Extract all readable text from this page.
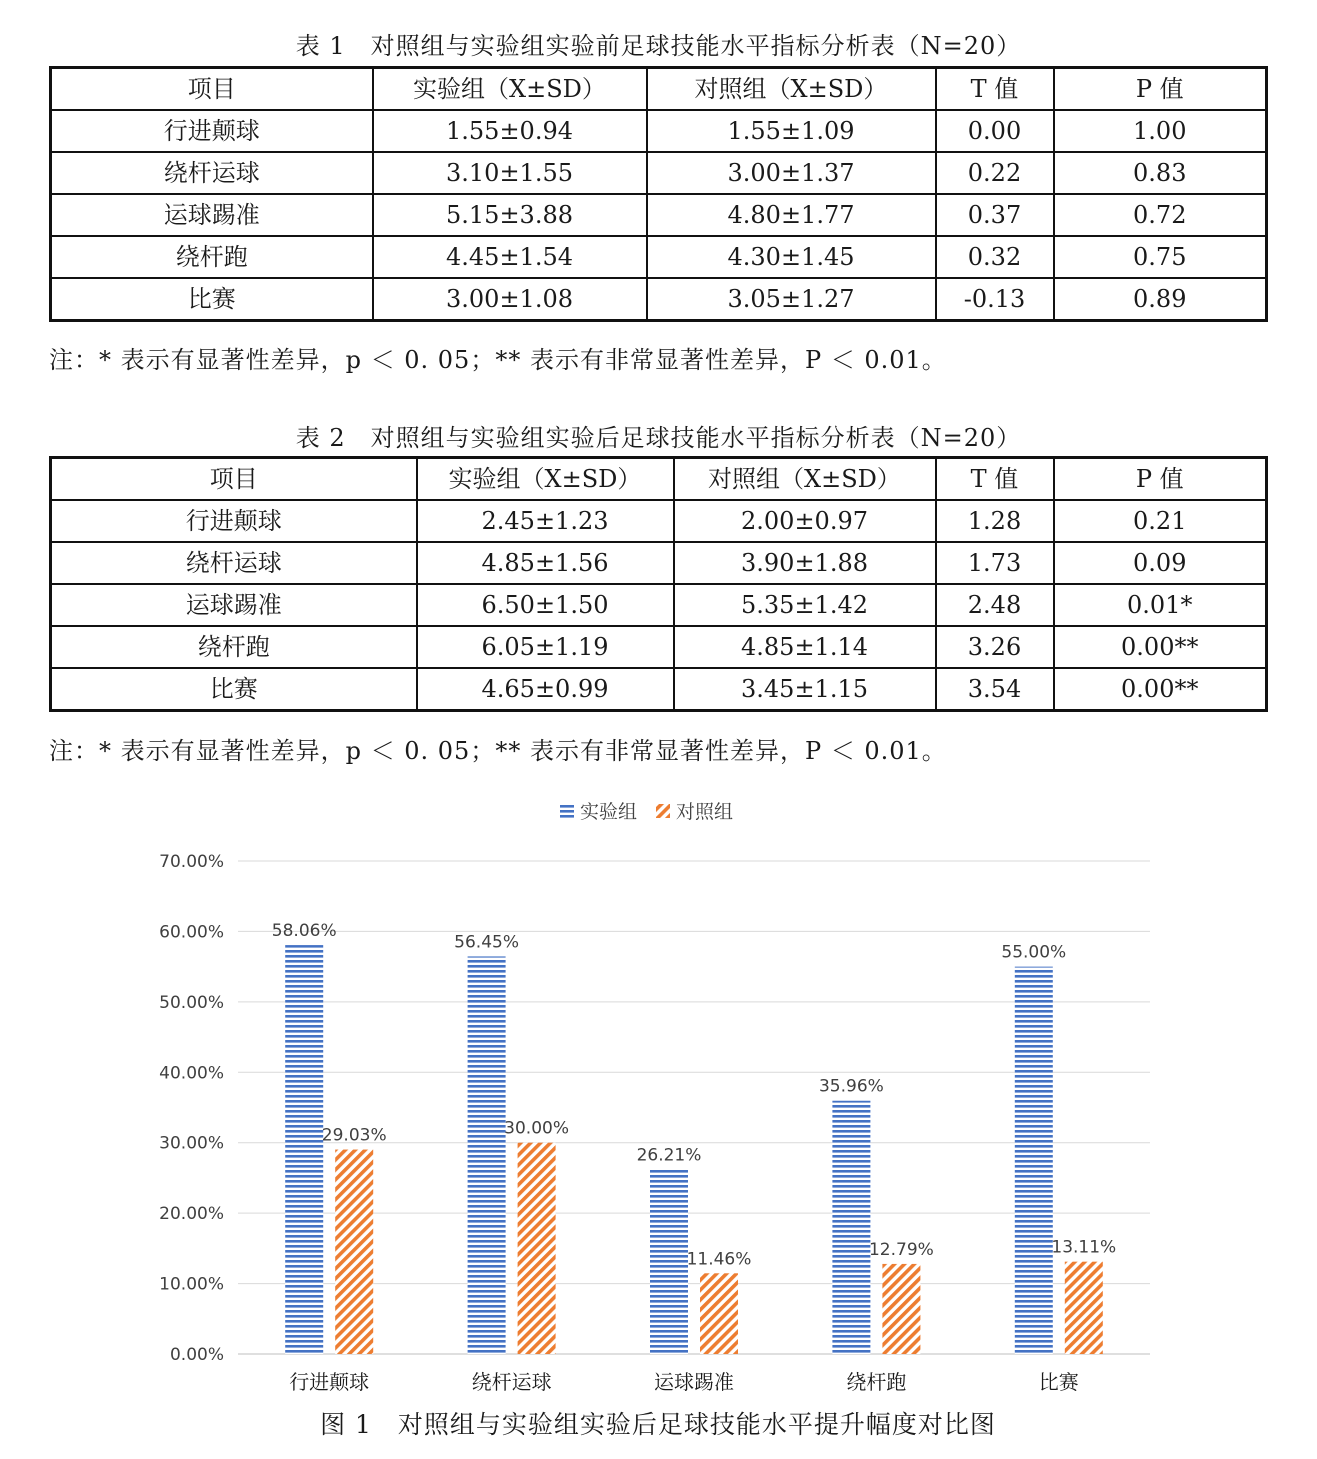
表 1　对照组与实验组实验前足球技能水平指标分析表（N=20）
项目	实验组（X±SD）	对照组（X±SD）	T 值	P 值
行进颠球	1.55±0.94	1.55±1.09	0.00	1.00
绕杆运球	3.10±1.55	3.00±1.37	0.22	0.83
运球踢准	5.15±3.88	4.80±1.77	0.37	0.72
绕杆跑	4.45±1.54	4.30±1.45	0.32	0.75
比赛	3.00±1.08	3.05±1.27	-0.13	0.89
注：* 表示有显著性差异，p ＜ 0. 05；** 表示有非常显著性差异，P ＜ 0.01。
表 2　对照组与实验组实验后足球技能水平指标分析表（N=20）
项目	实验组（X±SD）	对照组（X±SD）	T 值	P 值
行进颠球	2.45±1.23	2.00±0.97	1.28	0.21
绕杆运球	4.85±1.56	3.90±1.88	1.73	0.09
运球踢准	6.50±1.50	5.35±1.42	2.48	0.01*
绕杆跑	6.05±1.19	4.85±1.14	3.26	0.00**
比赛	4.65±0.99	3.45±1.15	3.54	0.00**
注：* 表示有显著性差异，p ＜ 0. 05；** 表示有非常显著性差异，P ＜ 0.01。
实验组 对照组
0.00%
10.00%
20.00%
30.00%
40.00%
50.00%
60.00%
70.00%
58.06%
29.03%
56.45%
30.00%
26.21%
11.46%
35.96%
12.79%
55.00%
13.11%
行进颠球	绕杆运球	运球踢准	绕杆跑	比赛
图 1　对照组与实验组实验后足球技能水平提升幅度对比图
